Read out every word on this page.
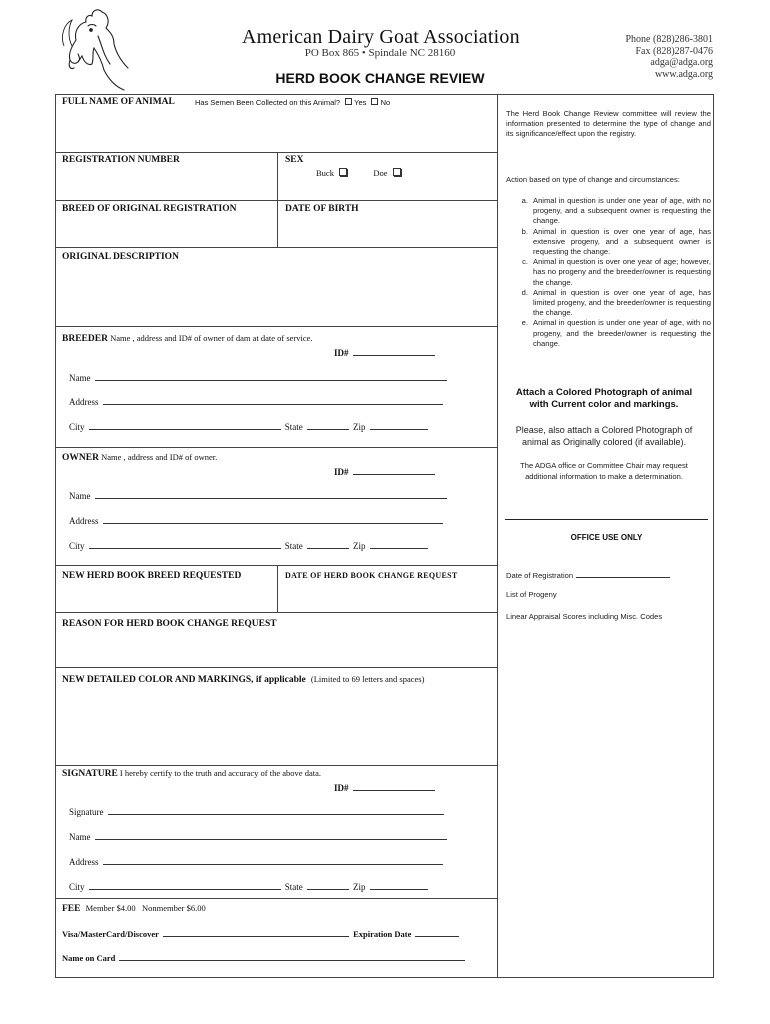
American Dairy Goat Association
PO Box 865 • Spindale NC 28160
HERD BOOK CHANGE REVIEW
Phone (828)286-3801
Fax (828)287-0476
adga@adga.org
www.adga.org
FULL NAME OF ANIMAL	Has Semen Been Collected on this Animal? Yes No
REGISTRATION NUMBER	SEX
Buck	Doe
BREED OF ORIGINAL REGISTRATION	DATE OF BIRTH
ORIGINAL DESCRIPTION
BREEDER Name , address and ID# of owner of dam at date of service.
ID#
Name
Address
City	State	Zip
OWNER Name , address and ID# of owner.
ID#
Name
Address
City	State	Zip
NEW HERD BOOK BREED REQUESTED	DATE OF HERD BOOK CHANGE REQUEST
REASON FOR HERD BOOK CHANGE REQUEST
NEW DETAILED COLOR AND MARKINGS, if applicable (Limited to 69 letters and spaces)
SIGNATURE I hereby certify to the truth and accuracy of the above data.
ID#
Signature
Name
Address
City	State	Zip
FEE Member $4.00   Nonmember $6.00
Visa/MasterCard/Discover	Expiration Date
Name on Card
The Herd Book Change Review committee will review the information presented to determine the type of change and its significance/effect upon the registry.
Action based on type of change and circumstances:
a. Animal in question is under one year of age, with no progeny, and a subsequent owner is requesting the change.
b. Animal in question is over one year of age, has extensive progeny, and a subsequent owner is requesting the change.
c. Animal in question is over one year of age; however, has no progeny and the breeder/owner is requesting the change.
d. Animal in question is over one year of age, has limited progeny, and the breeder/owner is requesting the change.
e. Animal in question is under one year of age, with no progeny, and the breeder/owner is requesting the change.
Attach a Colored Photograph of animal with Current color and markings.
Please, also attach a Colored Photograph of animal as Originally colored (if available).
The ADGA office or Committee Chair may request additional information to make a determination.
OFFICE USE ONLY
Date of Registration
List of Progeny
Linear Appraisal Scores including Misc. Codes
